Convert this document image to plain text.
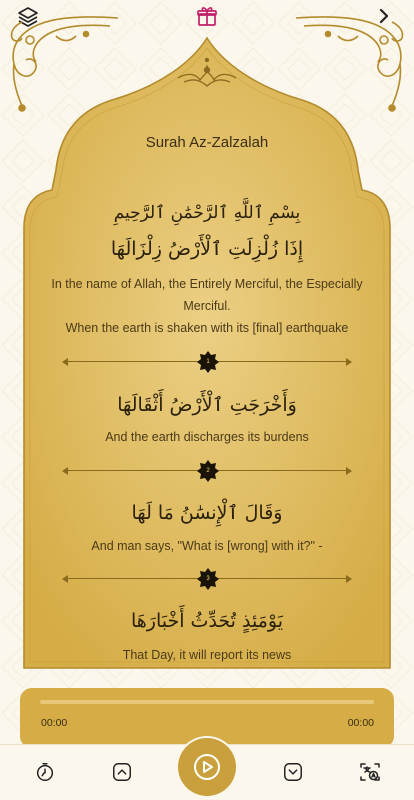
Surah Az-Zalzalah
بِسْمِ ٱللَّهِ ٱلرَّحْمَٰنِ ٱلرَّحِيمِ
إِذَا زُلْزِلَتِ ٱلْأَرْضُ زِلْزَالَهَا
In the name of Allah, the Entirely Merciful, the Especially Merciful.
When the earth is shaken with its [final] earthquake
1
وَأَخْرَجَتِ ٱلْأَرْضُ أَثْقَالَهَا
And the earth discharges its burdens
2
وَقَالَ ٱلْإِنسَٰنُ مَا لَهَا
And man says, "What is [wrong] with it?" -
3
يَوْمَئِذٍ تُحَدِّثُ أَخْبَارَهَا
That Day, it will report its news
00:00	00:00
